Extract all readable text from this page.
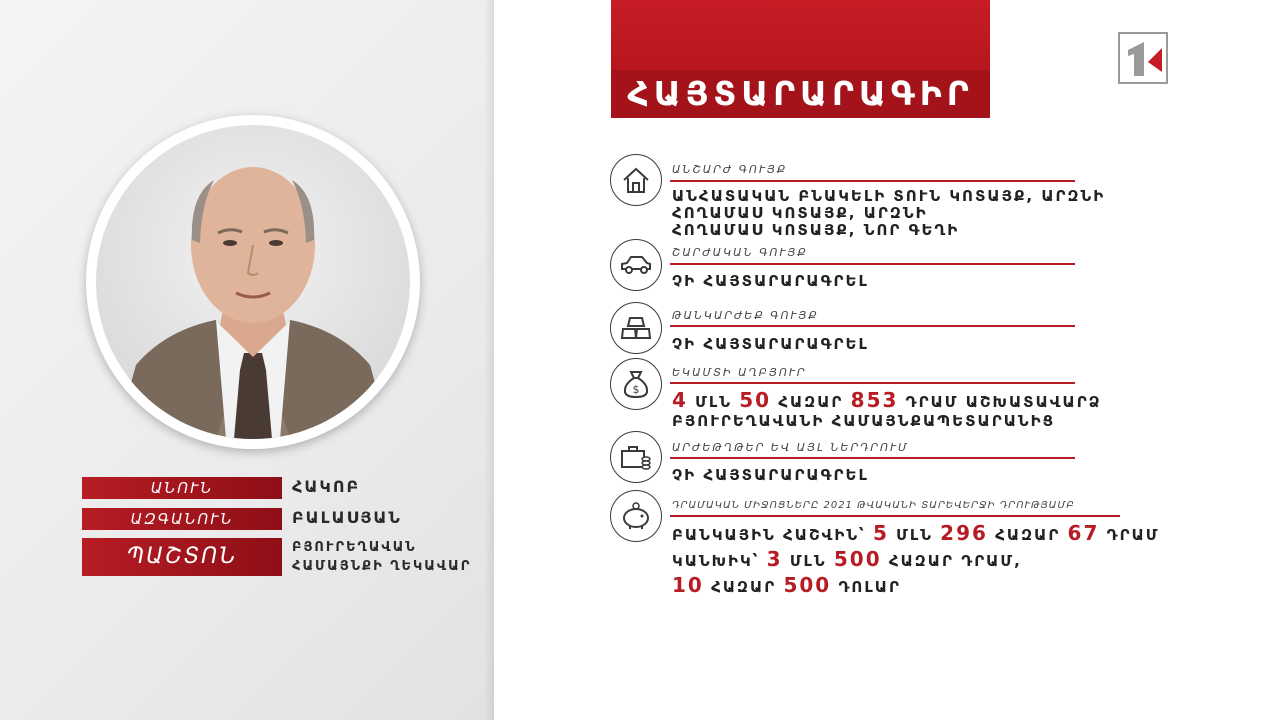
ԱՆՈՒՆ	ՀԱԿՈԲ
ԱԶԳԱՆՈՒՆ	ԲԱԼԱՍՅԱՆ
ՊԱՇՏՈՆ	ԲՅՈՒՐԵՂԱՎԱՆ
ՀԱՄԱՅՆՔԻ ՂԵԿԱՎԱՐ
ՀԱՅՏԱՐԱՐԱԳԻՐ
ԱՆՇԱՐԺ ԳՈՒՅՔ
ԱՆՀԱՏԱԿԱՆ ԲՆԱԿԵԼԻ ՏՈՒՆ ԿՈՏԱՅՔ, ԱՐԶՆԻ
ՀՈՂԱՄԱՍ ԿՈՏԱՅՔ, ԱՐԶՆԻ
ՀՈՂԱՄԱՍ ԿՈՏԱՅՔ, ՆՈՐ ԳԵՂԻ
ՇԱՐԺԱԿԱՆ ԳՈՒՅՔ
ՉԻ ՀԱՅՏԱՐԱՐԱԳՐԵԼ
ԹԱՆԿԱՐԺԵՔ ԳՈՒՅՔ
ՉԻ ՀԱՅՏԱՐԱՐԱԳՐԵԼ
$
ԵԿԱՄՏԻ ԱՂԲՅՈՒՐ
4 ՄԼՆ 50 ՀԱԶԱՐ 853 ԴՐԱՄ ԱՇԽԱՏԱՎԱՐՁ
ԲՅՈՒՐԵՂԱՎԱՆԻ ՀԱՄԱՅՆՔԱՊԵՏԱՐԱՆԻՑ
ԱՐԺԵԹՂԹԵՐ ԵՎ ԱՅԼ ՆԵՐԴՐՈՒՄ
ՉԻ ՀԱՅՏԱՐԱՐԱԳՐԵԼ
ԴՐԱՄԱԿԱՆ ՄԻՋՈՑՆԵՐԸ 2021 ԹՎԱԿԱՆԻ ՏԱՐԵՎԵՐՋԻ ԴՐՈՒԹՅԱՄԲ
ԲԱՆԿԱՅԻՆ ՀԱՇՎԻՆ՝ 5 ՄԼՆ 296 ՀԱԶԱՐ 67 ԴՐԱՄ
ԿԱՆԽԻԿ՝ 3 ՄԼՆ 500 ՀԱԶԱՐ ԴՐԱՄ,
10 ՀԱԶԱՐ 500 ԴՈԼԱՐ
